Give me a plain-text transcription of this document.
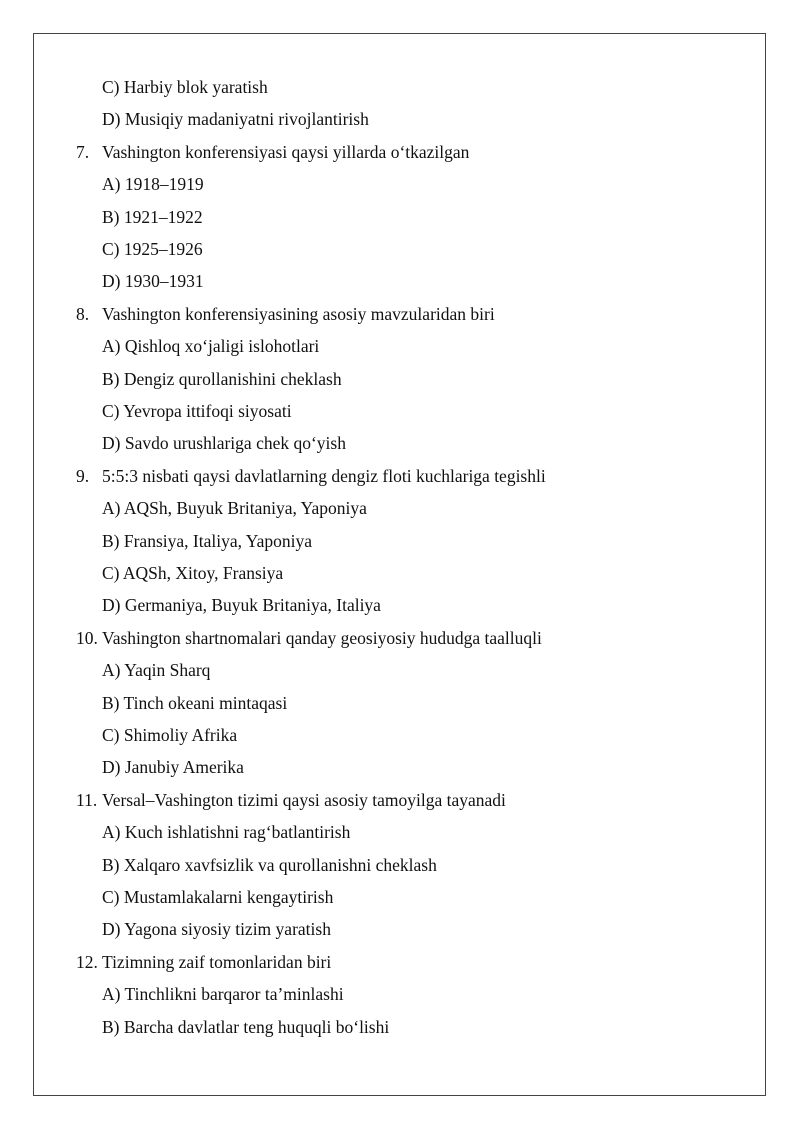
C) Harbiy blok yaratish
D) Musiqiy madaniyatni rivojlantirish
7. Vashington konferensiyasi qaysi yillarda o‘tkazilgan
A) 1918–1919
B) 1921–1922
C) 1925–1926
D) 1930–1931
8. Vashington konferensiyasining asosiy mavzularidan biri
A) Qishloq xo‘jaligi islohotlari
B) Dengiz qurollanishini cheklash
C) Yevropa ittifoqi siyosati
D) Savdo urushlariga chek qo‘yish
9. 5:5:3 nisbati qaysi davlatlarning dengiz floti kuchlariga tegishli
A) AQSh, Buyuk Britaniya, Yaponiya
B) Fransiya, Italiya, Yaponiya
C) AQSh, Xitoy, Fransiya
D) Germaniya, Buyuk Britaniya, Italiya
10. Vashington shartnomalari qanday geosiyosiy hududga taalluqli
A) Yaqin Sharq
B) Tinch okeani mintaqasi
C) Shimoliy Afrika
D) Janubiy Amerika
11. Versal–Vashington tizimi qaysi asosiy tamoyilga tayanadi
A) Kuch ishlatishni rag‘batlantirish
B) Xalqaro xavfsizlik va qurollanishni cheklash
C) Mustamlakalarni kengaytirish
D) Yagona siyosiy tizim yaratish
12. Tizimning zaif tomonlaridan biri
A) Tinchlikni barqaror ta’minlashi
B) Barcha davlatlar teng huquqli bo‘lishi
